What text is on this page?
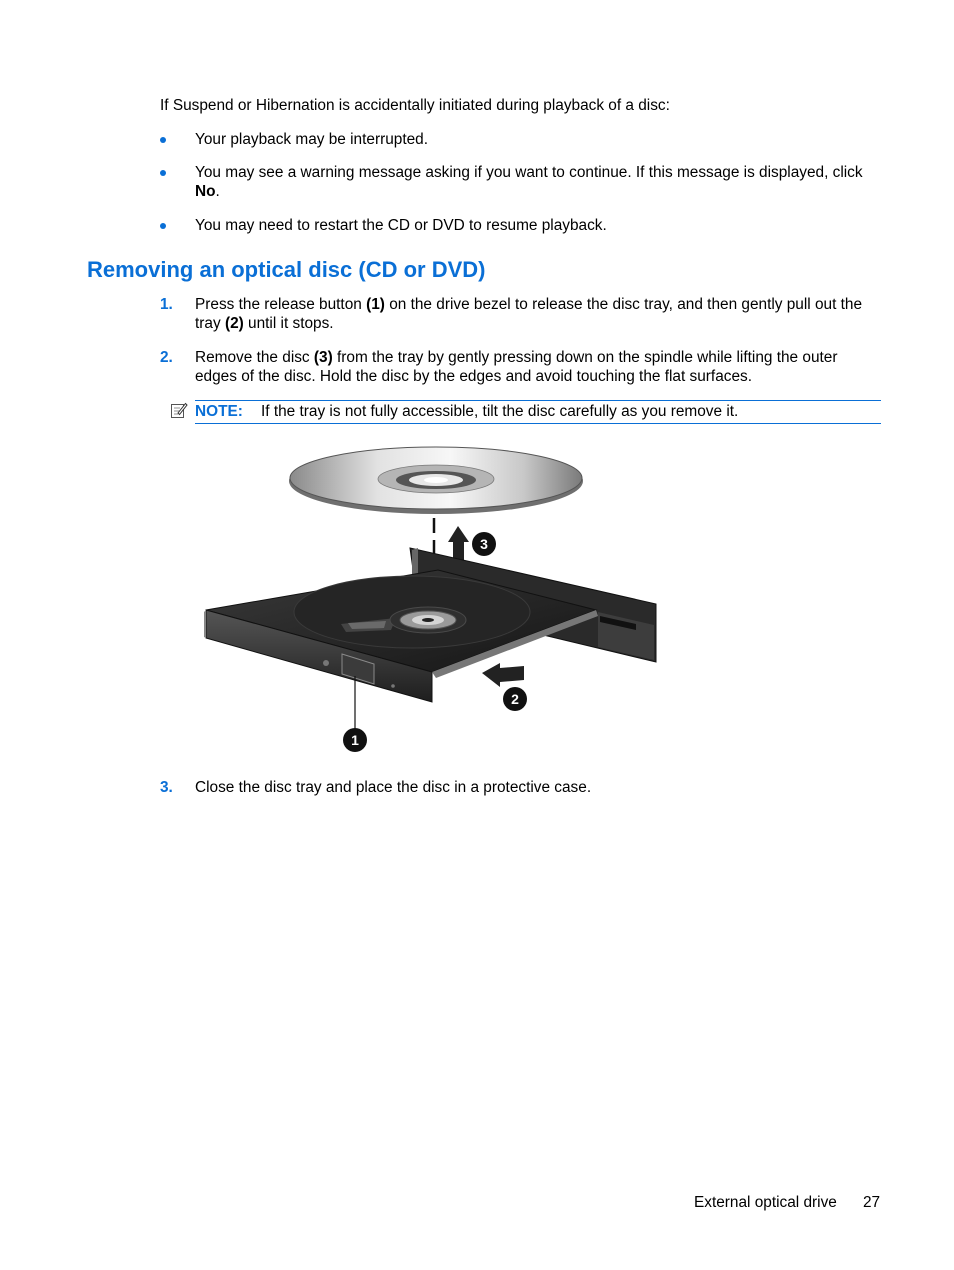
If Suspend or Hibernation is accidentally initiated during playback of a disc:
Your playback may be interrupted.
You may see a warning message asking if you want to continue. If this message is displayed, click No.
You may need to restart the CD or DVD to resume playback.
Removing an optical disc (CD or DVD)
1. Press the release button (1) on the drive bezel to release the disc tray, and then gently pull out the tray (2) until it stops.
2. Remove the disc (3) from the tray by gently pressing down on the spindle while lifting the outer edges of the disc. Hold the disc by the edges and avoid touching the flat surfaces.
NOTE: If the tray is not fully accessible, tilt the disc carefully as you remove it.
3
2
1
3. Close the disc tray and place the disc in a protective case.
External optical drive 27
